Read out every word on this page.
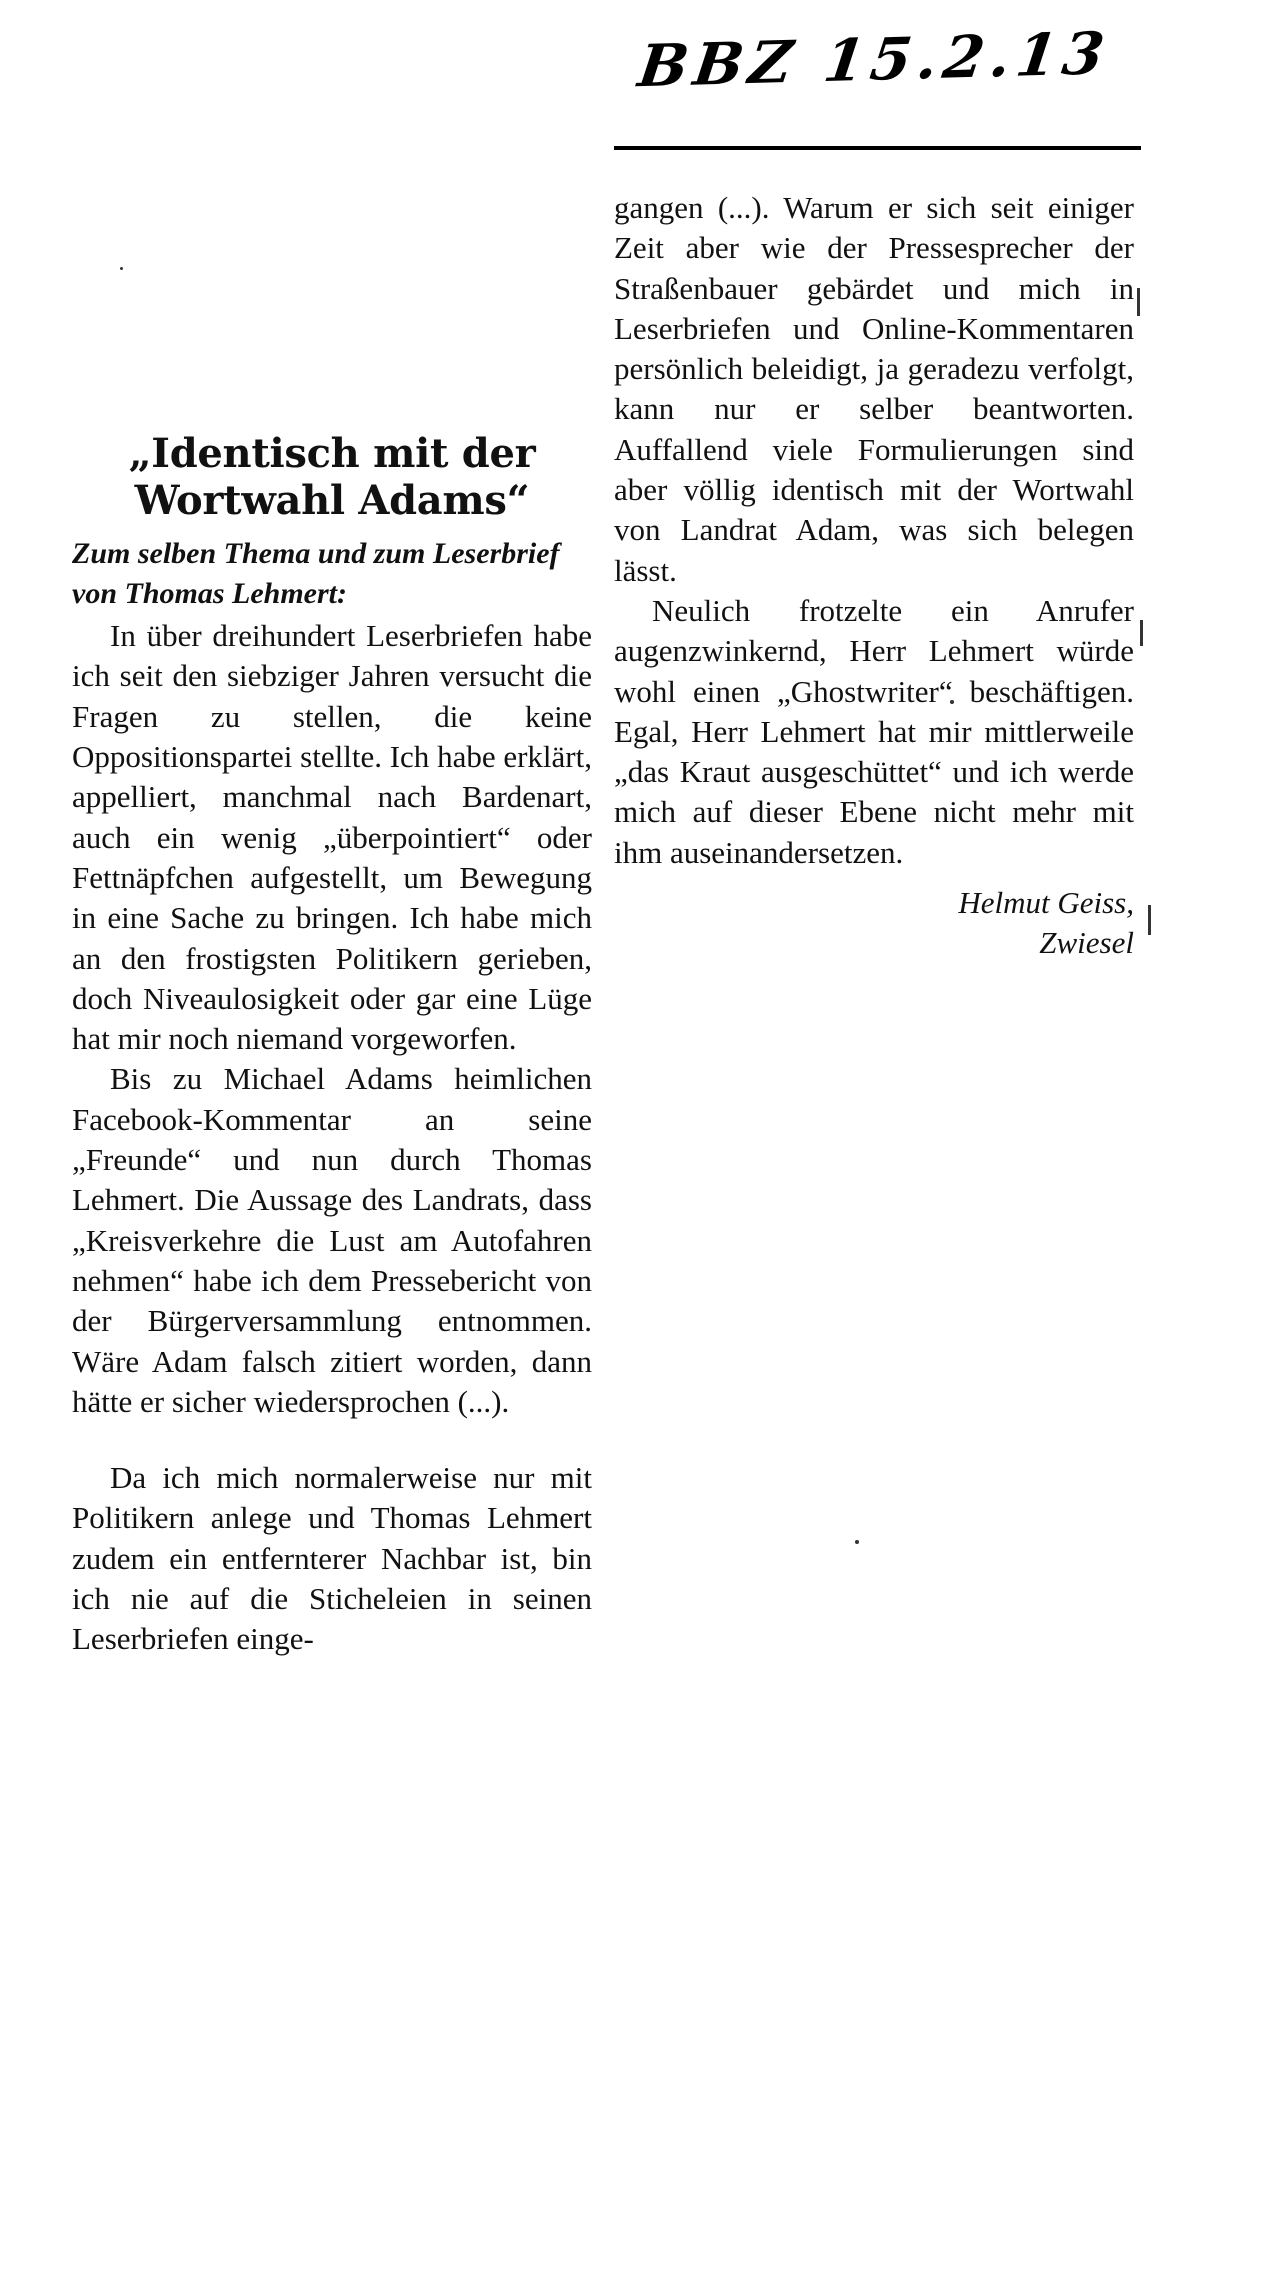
BBZ 15.2.13
„Identisch mit der Wortwahl Adams“

Zum selben Thema und zum Leserbrief von Thomas Lehmert:

In über dreihundert Leserbriefen habe ich seit den siebziger Jahren versucht die Fragen zu stellen, die keine Oppositionspartei stellte. Ich habe erklärt, appelliert, manchmal nach Bardenart, auch ein wenig „überpointiert“ oder Fettnäpfchen aufgestellt, um Bewegung in eine Sache zu bringen. Ich habe mich an den frostigsten Politikern gerieben, doch Niveaulosigkeit oder gar eine Lüge hat mir noch niemand vorgeworfen.

Bis zu Michael Adams heimlichen Facebook-Kommentar an seine „Freunde“ und nun durch Thomas Lehmert. Die Aussage des Landrats, dass „Kreisverkehre die Lust am Autofahren nehmen“ habe ich dem Pressebericht von der Bürgerversammlung entnommen. Wäre Adam falsch zitiert worden, dann hätte er sicher wiedersprochen (...).

Da ich mich normalerweise nur mit Politikern anlege und Thomas Lehmert zudem ein entfernterer Nachbar ist, bin ich nie auf die Sticheleien in seinen Leserbriefen einge-

gangen (...). Warum er sich seit einiger Zeit aber wie der Pressesprecher der Straßenbauer gebärdet und mich in Leserbriefen und Online-Kommentaren persönlich beleidigt, ja geradezu verfolgt, kann nur er selber beantworten. Auffallend viele Formulierungen sind aber völlig identisch mit der Wortwahl von Landrat Adam, was sich belegen lässt.

Neulich frotzelte ein Anrufer augenzwinkernd, Herr Lehmert würde wohl einen „Ghostwriter“ beschäftigen. Egal, Herr Lehmert hat mir mittlerweile „das Kraut ausgeschüttet“ und ich werde mich auf dieser Ebene nicht mehr mit ihm auseinandersetzen.

Helmut Geiss,
Zwiesel
